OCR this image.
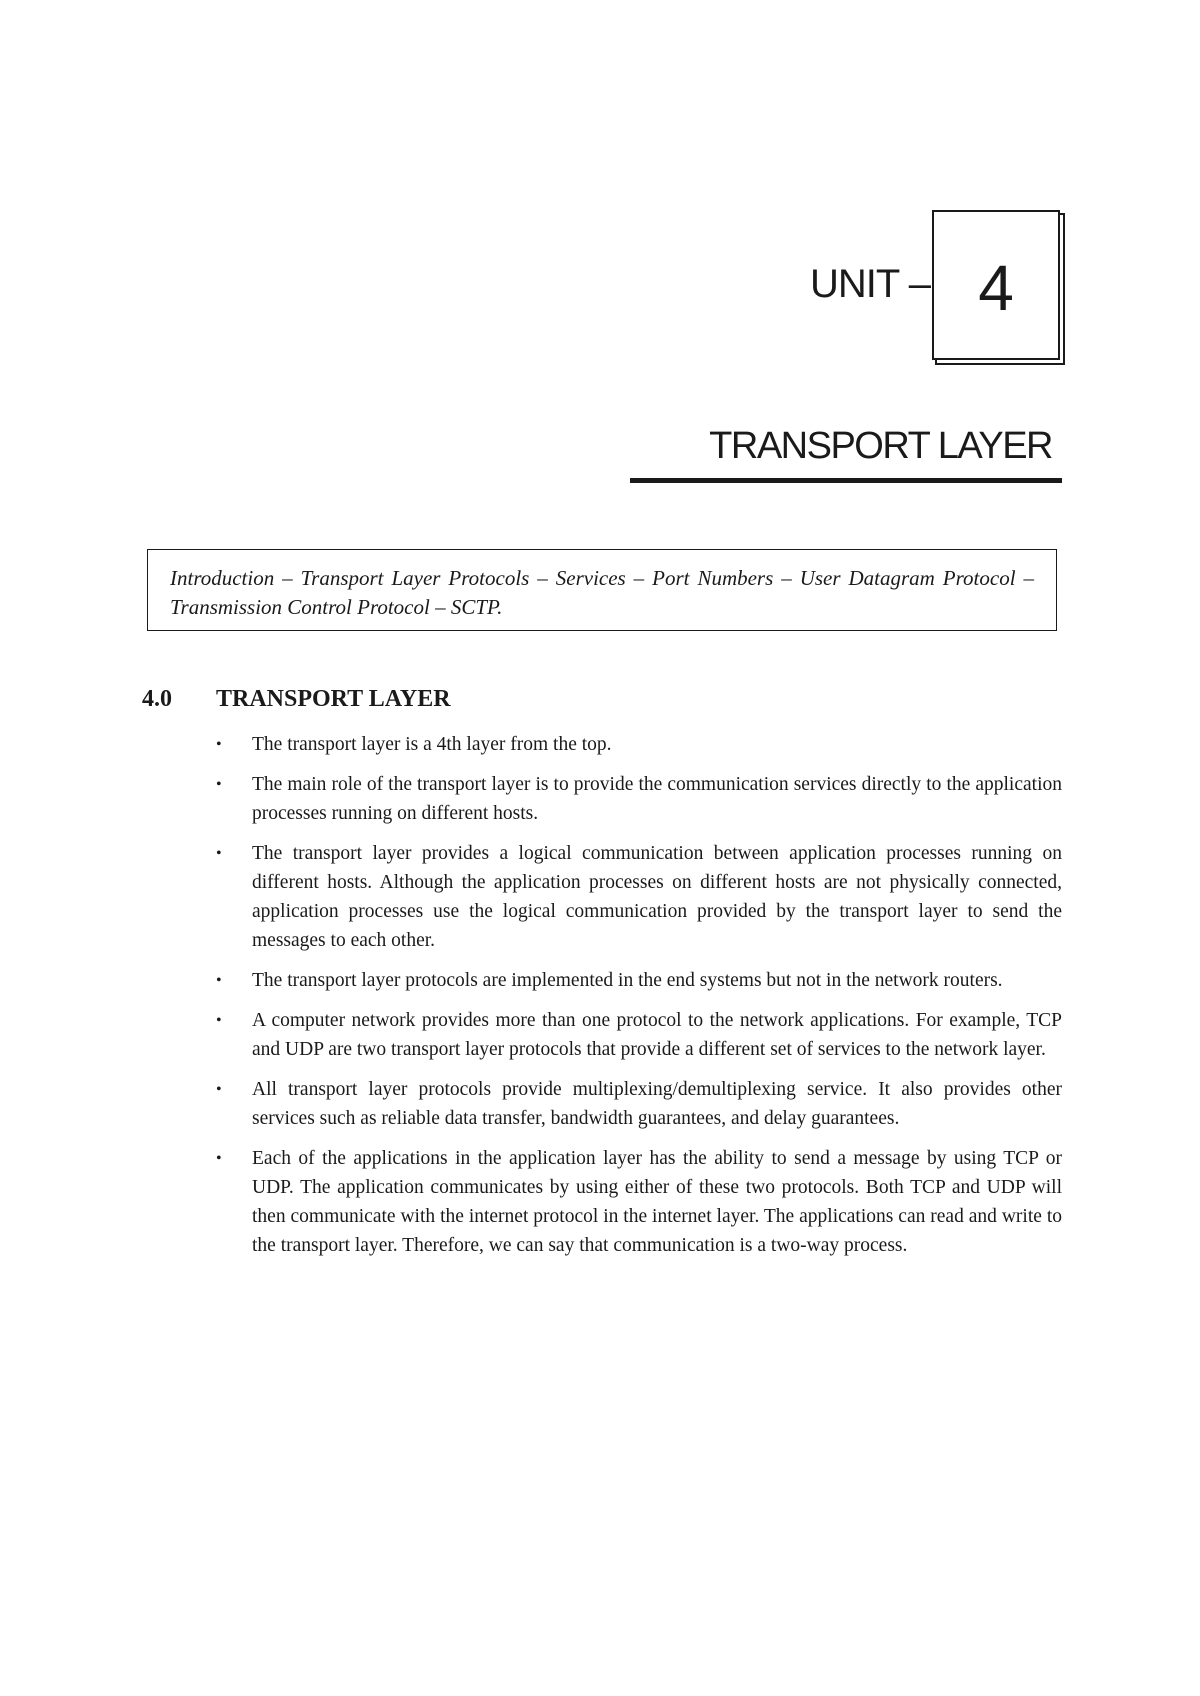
UNIT – 4
TRANSPORT LAYER

Introduction – Transport Layer Protocols – Services – Port Numbers – User Datagram Protocol – Transmission Control Protocol – SCTP.

4.0 TRANSPORT LAYER
• The transport layer is a 4th layer from the top.
• The main role of the transport layer is to provide the communication services directly to the application processes running on different hosts.
• The transport layer provides a logical communication between application processes running on different hosts. Although the application processes on different hosts are not physically connected, application processes use the logical communication provided by the transport layer to send the messages to each other.
• The transport layer protocols are implemented in the end systems but not in the network routers.
• A computer network provides more than one protocol to the network applications. For example, TCP and UDP are two transport layer protocols that provide a different set of services to the network layer.
• All transport layer protocols provide multiplexing/demultiplexing service. It also provides other services such as reliable data transfer, bandwidth guarantees, and delay guarantees.
• Each of the applications in the application layer has the ability to send a message by using TCP or UDP. The application communicates by using either of these two protocols. Both TCP and UDP will then communicate with the internet protocol in the internet layer. The applications can read and write to the transport layer. Therefore, we can say that communication is a two-way process.
